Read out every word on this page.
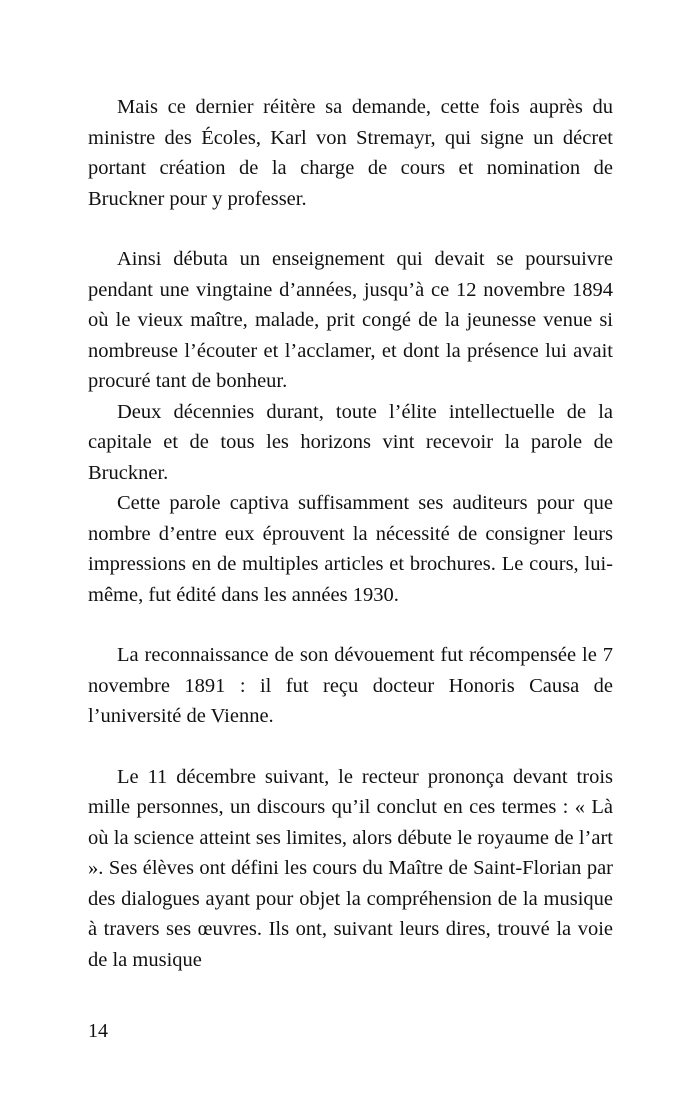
Mais ce dernier réitère sa demande, cette fois auprès du ministre des Écoles, Karl von Stremayr, qui signe un décret portant création de la charge de cours et nomination de Bruckner pour y professer.

Ainsi débuta un enseignement qui devait se poursuivre pendant une vingtaine d’années, jusqu’à ce 12 novembre 1894 où le vieux maître, malade, prit congé de la jeunesse venue si nombreuse l’écouter et l’acclamer, et dont la présence lui avait procuré tant de bonheur.

Deux décennies durant, toute l’élite intellectuelle de la capitale et de tous les horizons vint recevoir la parole de Bruckner.

Cette parole captiva suffisamment ses auditeurs pour que nombre d’entre eux éprouvent la nécessité de consigner leurs impressions en de multiples articles et brochures. Le cours, lui-même, fut édité dans les années 1930.

La reconnaissance de son dévouement fut récompensée le 7 novembre 1891 : il fut reçu docteur Honoris Causa de l’université de Vienne.

Le 11 décembre suivant, le recteur prononça devant trois mille personnes, un discours qu’il conclut en ces termes : « Là où la science atteint ses limites, alors débute le royaume de l’art ». Ses élèves ont défini les cours du Maître de Saint-Florian par des dialogues ayant pour objet la compréhension de la musique à travers ses œuvres. Ils ont, suivant leurs dires, trouvé la voie de la musique

14
